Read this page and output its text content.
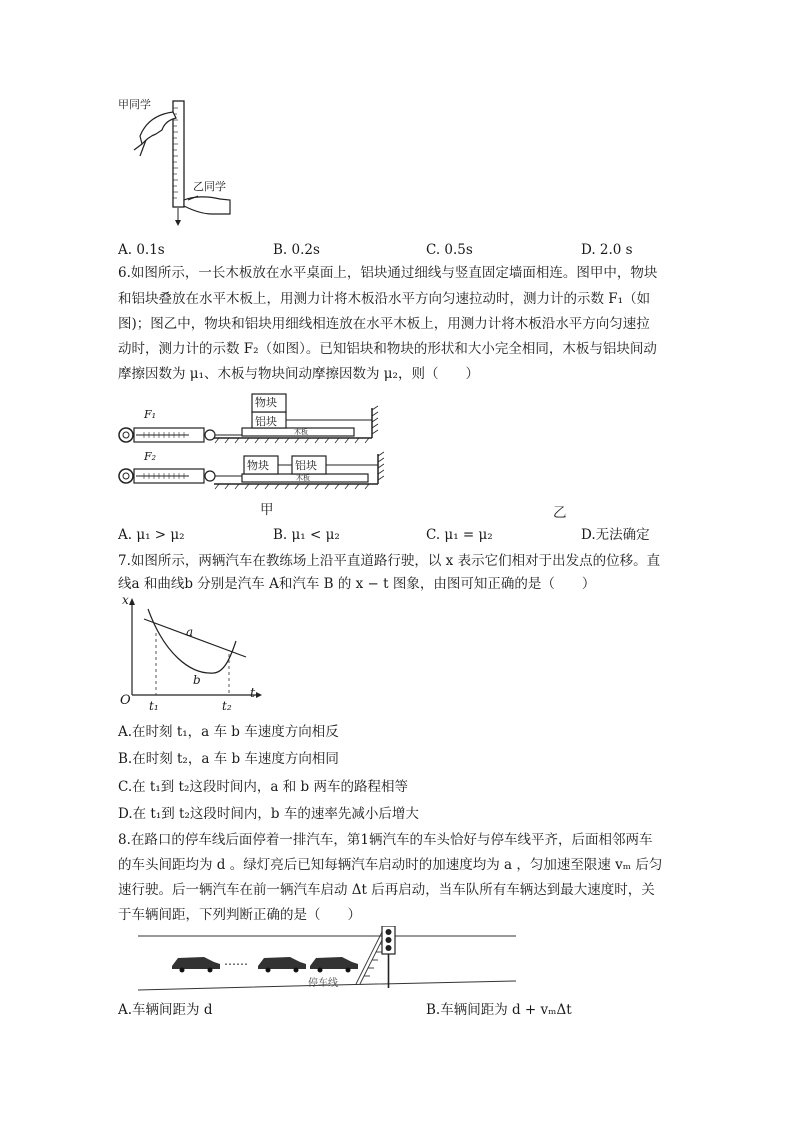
甲同学
乙同学
A. 0.1s	B. 0.2s	C. 0.5s	D. 2.0 s
6.如图所示，一长木板放在水平桌面上，铝块通过细线与竖直固定墙面相连。图甲中，物块
和铝块叠放在水平木板上，用测力计将木板沿水平方向匀速拉动时，测力计的示数 F₁（如
图)；图乙中，物块和铝块用细线相连放在水平木板上，用测力计将木板沿水平方向匀速拉
动时，测力计的示数 F₂（如图）。已知铝块和物块的形状和大小完全相同，木板与铝块间动
摩擦因数为 μ₁、木板与物块间动摩擦因数为 μ₂，则（　　）
F₁
F₂
物块
铝块
木板
物块 铝块
木板
甲	乙
A. μ₁ > μ₂	B. μ₁ < μ₂	C. μ₁ = μ₂	D.无法确定
7.如图所示，两辆汽车在教练场上沿平直道路行驶，以 x 表示它们相对于出发点的位移。直
线a 和曲线b 分别是汽车 A和汽车 B 的 x − t 图象，由图可知正确的是（　　）
x
t
O t₁	t₂
a
b
A.在时刻 t₁，a 车 b 车速度方向相反
B.在时刻 t₂，a 车 b 车速度方向相同
C.在 t₁到 t₂这段时间内，a 和 b 两车的路程相等
D.在 t₁到 t₂这段时间内，b 车的速率先减小后增大
8.在路口的停车线后面停着一排汽车，第1辆汽车的车头恰好与停车线平齐，后面相邻两车
的车头间距均为 d 。绿灯亮后已知每辆汽车启动时的加速度均为 a ，匀加速至限速 vₘ 后匀
速行驶。后一辆汽车在前一辆汽车启动 Δt 后再启动，当车队所有车辆达到最大速度时，关
于车辆间距，下列判断正确的是（　　）
……
停车线
A.车辆间距为 d	B.车辆间距为 d + vₘΔt
